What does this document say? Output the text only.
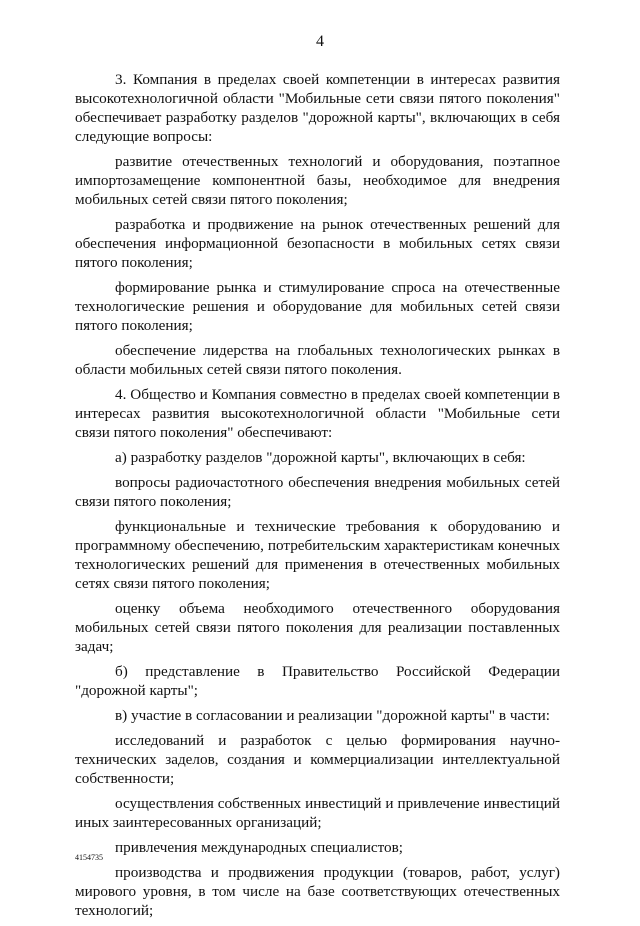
4

3. Компания в пределах своей компетенции в интересах развития высокотехнологичной области "Мобильные сети связи пятого поколения" обеспечивает разработку разделов "дорожной карты", включающих в себя следующие вопросы:

развитие отечественных технологий и оборудования, поэтапное импортозамещение компонентной базы, необходимое для внедрения мобильных сетей связи пятого поколения;

разработка и продвижение на рынок отечественных решений для обеспечения информационной безопасности в мобильных сетях связи пятого поколения;

формирование рынка и стимулирование спроса на отечественные технологические решения и оборудование для мобильных сетей связи пятого поколения;

обеспечение лидерства на глобальных технологических рынках в области мобильных сетей связи пятого поколения.

4. Общество и Компания совместно в пределах своей компетенции в интересах развития высокотехнологичной области "Мобильные сети связи пятого поколения" обеспечивают:

а) разработку разделов "дорожной карты", включающих в себя:

вопросы радиочастотного обеспечения внедрения мобильных сетей связи пятого поколения;

функциональные и технические требования к оборудованию и программному обеспечению, потребительским характеристикам конечных технологических решений для применения в отечественных мобильных сетях связи пятого поколения;

оценку объема необходимого отечественного оборудования мобильных сетей связи пятого поколения для реализации поставленных задач;

б) представление в Правительство Российской Федерации "дорожной карты";

в) участие в согласовании и реализации "дорожной карты" в части:

исследований и разработок с целью формирования научно-технических заделов, создания и коммерциализации интеллектуальной собственности;

осуществления собственных инвестиций и привлечение инвестиций иных заинтересованных организаций;

привлечения международных специалистов;

производства и продвижения продукции (товаров, работ, услуг) мирового уровня, в том числе на базе соответствующих отечественных технологий;

4154735
